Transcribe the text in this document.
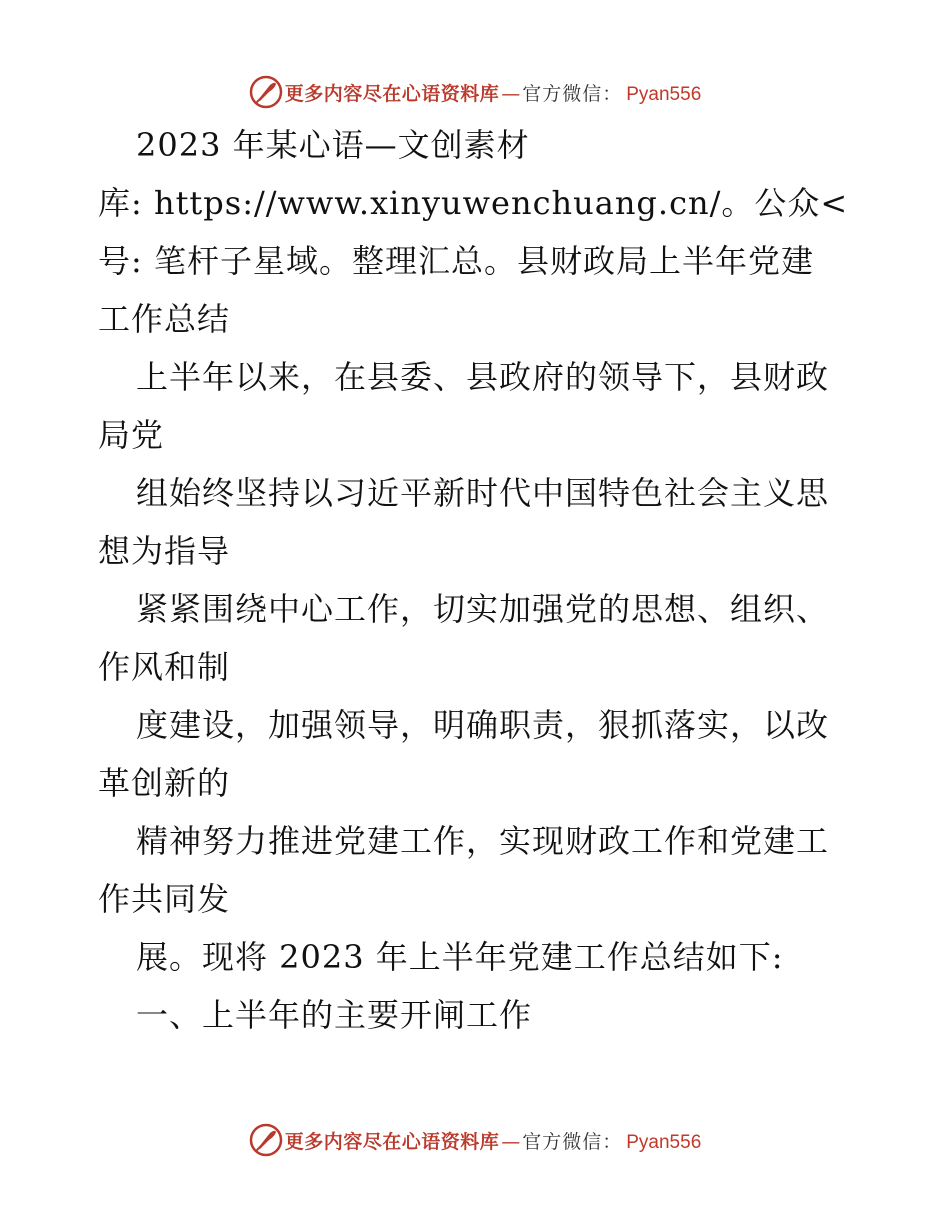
更多内容尽在心语资料库 — 官方微信： Pyan556
2023 年某心语—文创素材
库: https://www.xinyuwenchuang.cn/。公众<
号: 笔杆子星域。整理汇总。县财政局上半年党建
工作总结
上半年以来，在县委、县政府的领导下，县财政
局党
组始终坚持以习近平新时代中国特色社会主义思
想为指导
紧紧围绕中心工作，切实加强党的思想、组织、
作风和制
度建设，加强领导，明确职责，狠抓落实，以改
革创新的
精神努力推进党建工作，实现财政工作和党建工
作共同发
展。现将 2023 年上半年党建工作总结如下:
一、上半年的主要开闸工作
更多内容尽在心语资料库 — 官方微信： Pyan556
